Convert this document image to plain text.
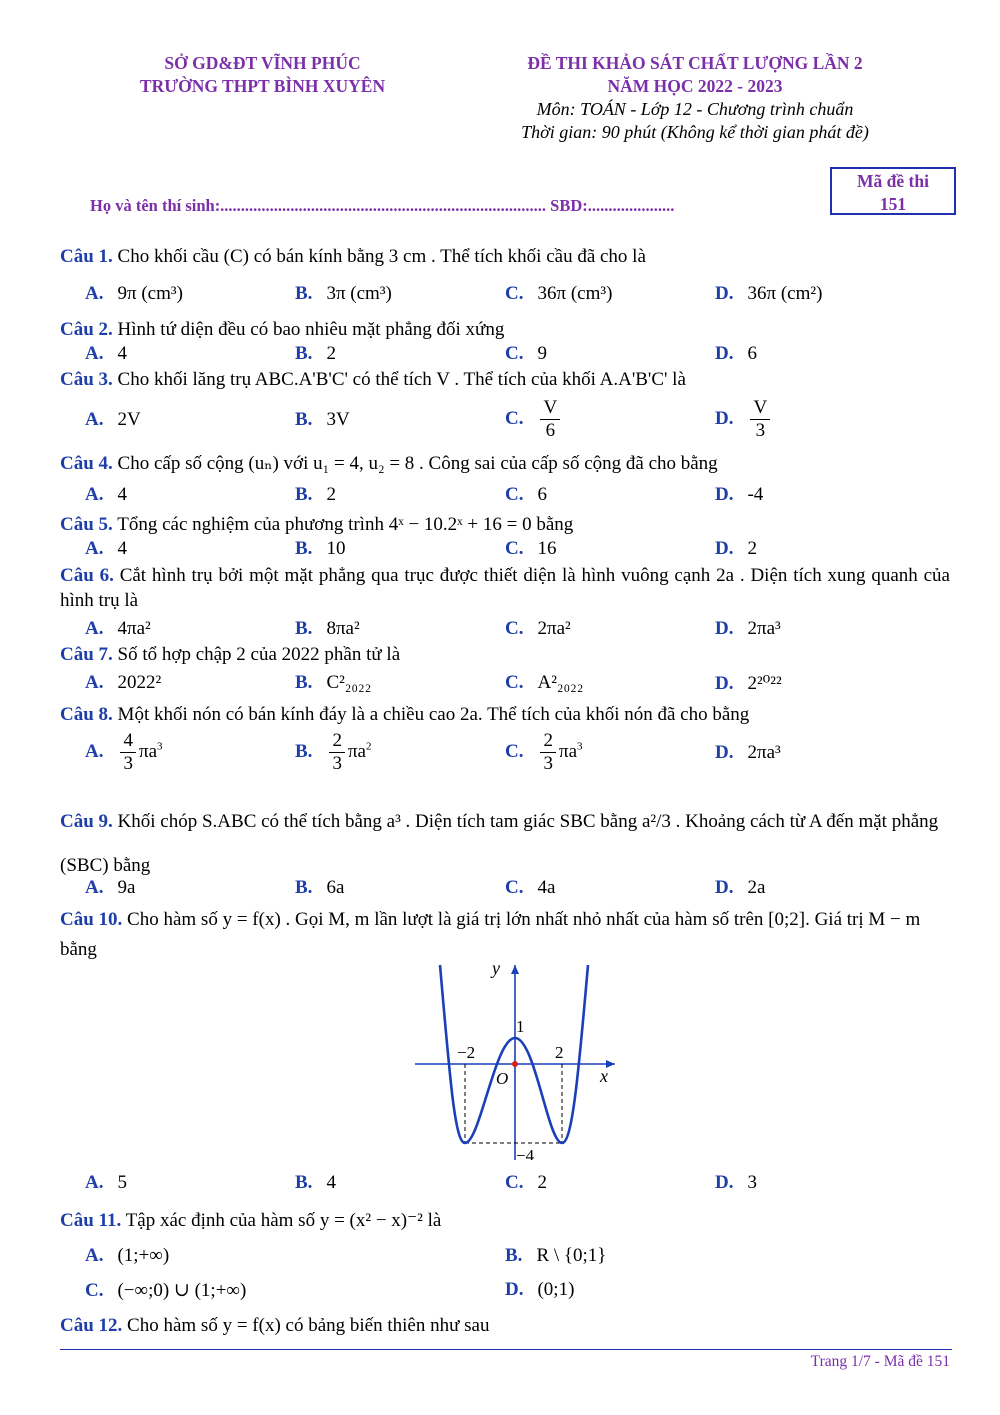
SỞ GD&ĐT VĨNH PHÚC
TRƯỜNG THPT BÌNH XUYÊN
ĐỀ THI KHẢO SÁT CHẤT LƯỢNG LẦN 2
NĂM HỌC 2022 - 2023
Môn: TOÁN - Lớp 12 - Chương trình chuẩn
Thời gian: 90 phút (Không kể thời gian phát đề)
Mã đề thi
151
Họ và tên thí sinh:............................................................................... SBD:.....................
Câu 1. Cho khối cầu (C) có bán kính bằng 3 cm . Thể tích khối cầu đã cho là
A. 9π (cm³)	B. 3π (cm³)	C. 36π (cm³)	D. 36π (cm²)
Câu 2. Hình tứ diện đều có bao nhiêu mặt phẳng đối xứng
A. 4	B. 2	C. 9	D. 6
Câu 3. Cho khối lăng trụ ABC.A'B'C' có thể tích V . Thể tích của khối A.A'B'C' là
A. 2V	B. 3V	C. $\frac{V}{6}$	D. $\frac{V}{3}$
Câu 4. Cho cấp số cộng (uₙ) với u₁ = 4, u₂ = 8 . Công sai của cấp số cộng đã cho bằng
A. 4	B. 2	C. 6	D. -4
Câu 5. Tổng các nghiệm của phương trình 4ˣ − 10.2ˣ + 16 = 0 bằng
A. 4	B. 10	C. 16	D. 2
Câu 6. Cắt hình trụ bởi một mặt phẳng qua trục được thiết diện là hình vuông cạnh 2a . Diện tích xung quanh của hình trụ là
A. 4πa²	B. 8πa²	C. 2πa²	D. 2πa³
Câu 7. Số tổ hợp chập 2 của 2022 phần tử là
A. 2022²	B. C²₂₀₂₂	C. A²₂₀₂₂	D. 2²⁰²²
Câu 8. Một khối nón có bán kính đáy là a chiều cao 2a. Thể tích của khối nón đã cho bằng
A. $\frac{4}{3} \pi a^3$	B. $\frac{2}{3} \pi a^2$	C. $\frac{2}{3} \pi a^3$	D. 2πa³
Câu 9. Khối chóp S.ABC có thể tích bằng a³ . Diện tích tam giác SBC bằng a²/3 . Khoảng cách từ A đến mặt phẳng (SBC) bằng
A. 9a	B. 6a	C. 4a	D. 2a
Câu 10. Cho hàm số y = f(x) . Gọi M, m lần lượt là giá trị lớn nhất nhỏ nhất của hàm số trên [0;2]. Giá trị M − m bằng
y
x
O
−2	2
1
−4
A. 5	B. 4	C. 2	D. 3
Câu 11. Tập xác định của hàm số y = (x² − x)⁻² là
A. (1;+∞)	B. R \ {0;1}
C. (−∞;0) ∪ (1;+∞)	D. (0;1)
Câu 12. Cho hàm số y = f(x) có bảng biến thiên như sau
Trang 1/7 - Mã đề 151
